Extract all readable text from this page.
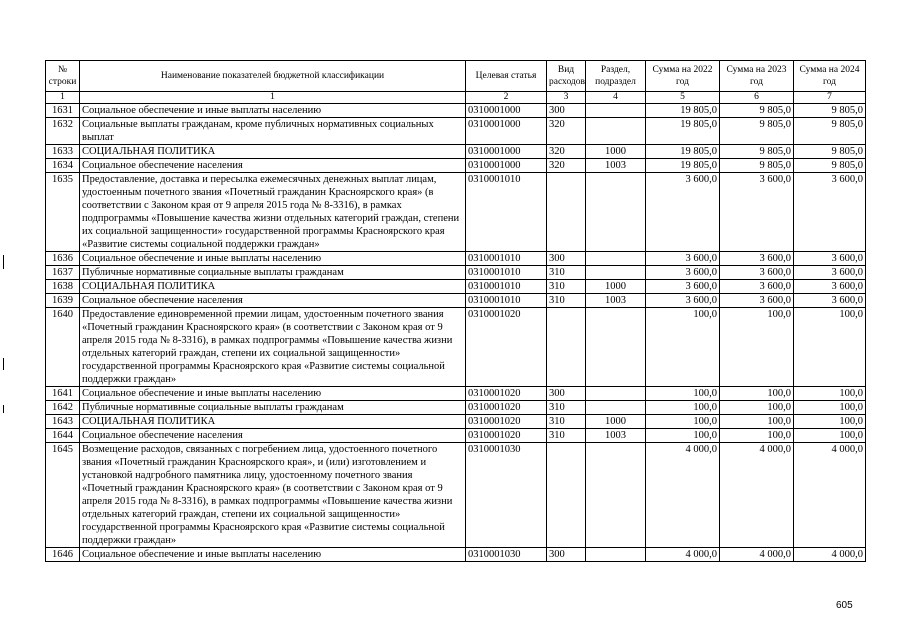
№ строки	Наименование показателей бюджетной классификации	Целевая статья	Вид расходов	Раздел, подраздел	Сумма на 2022 год	Сумма на 2023 год	Сумма на 2024 год
1	1	2	3	4	5	6	7
1631	Социальное обеспечение и иные выплаты населению	0310001000	300		19 805,0	9 805,0	9 805,0
1632	Социальные выплаты гражданам, кроме публичных нормативных социальных выплат	0310001000	320		19 805,0	9 805,0	9 805,0
1633	СОЦИАЛЬНАЯ ПОЛИТИКА	0310001000	320	1000	19 805,0	9 805,0	9 805,0
1634	Социальное обеспечение населения	0310001000	320	1003	19 805,0	9 805,0	9 805,0
1635	Предоставление, доставка и пересылка ежемесячных денежных выплат лицам, удостоенным почетного звания «Почетный гражданин Красноярского края» (в соответствии с Законом края от 9 апреля 2015 года № 8-3316), в рамках подпрограммы «Повышение качества жизни отдельных категорий граждан, степени их социальной защищенности» государственной программы Красноярского края «Развитие системы социальной поддержки граждан»	0310001010			3 600,0	3 600,0	3 600,0
1636	Социальное обеспечение и иные выплаты населению	0310001010	300		3 600,0	3 600,0	3 600,0
1637	Публичные нормативные социальные выплаты гражданам	0310001010	310		3 600,0	3 600,0	3 600,0
1638	СОЦИАЛЬНАЯ ПОЛИТИКА	0310001010	310	1000	3 600,0	3 600,0	3 600,0
1639	Социальное обеспечение населения	0310001010	310	1003	3 600,0	3 600,0	3 600,0
1640	Предоставление единовременной премии лицам, удостоенным почетного звания «Почетный гражданин Красноярского края» (в соответствии с Законом края от 9 апреля 2015 года № 8-3316), в рамках подпрограммы «Повышение качества жизни отдельных категорий граждан, степени их социальной защищенности» государственной программы Красноярского края «Развитие системы социальной поддержки граждан»	0310001020			100,0	100,0	100,0
1641	Социальное обеспечение и иные выплаты населению	0310001020	300		100,0	100,0	100,0
1642	Публичные нормативные социальные выплаты гражданам	0310001020	310		100,0	100,0	100,0
1643	СОЦИАЛЬНАЯ ПОЛИТИКА	0310001020	310	1000	100,0	100,0	100,0
1644	Социальное обеспечение населения	0310001020	310	1003	100,0	100,0	100,0
1645	Возмещение расходов, связанных с погребением лица, удостоенного почетного звания «Почетный гражданин Красноярского края», и (или) изготовлением и установкой надгробного памятника лицу, удостоенному почетного звания «Почетный гражданин Красноярского края» (в соответствии с Законом края от 9 апреля 2015 года № 8-3316), в рамках подпрограммы «Повышение качества жизни отдельных категорий граждан, степени их социальной защищенности» государственной программы Красноярского края «Развитие системы социальной поддержки граждан»	0310001030			4 000,0	4 000,0	4 000,0
1646	Социальное обеспечение и иные выплаты населению	0310001030	300		4 000,0	4 000,0	4 000,0
605
